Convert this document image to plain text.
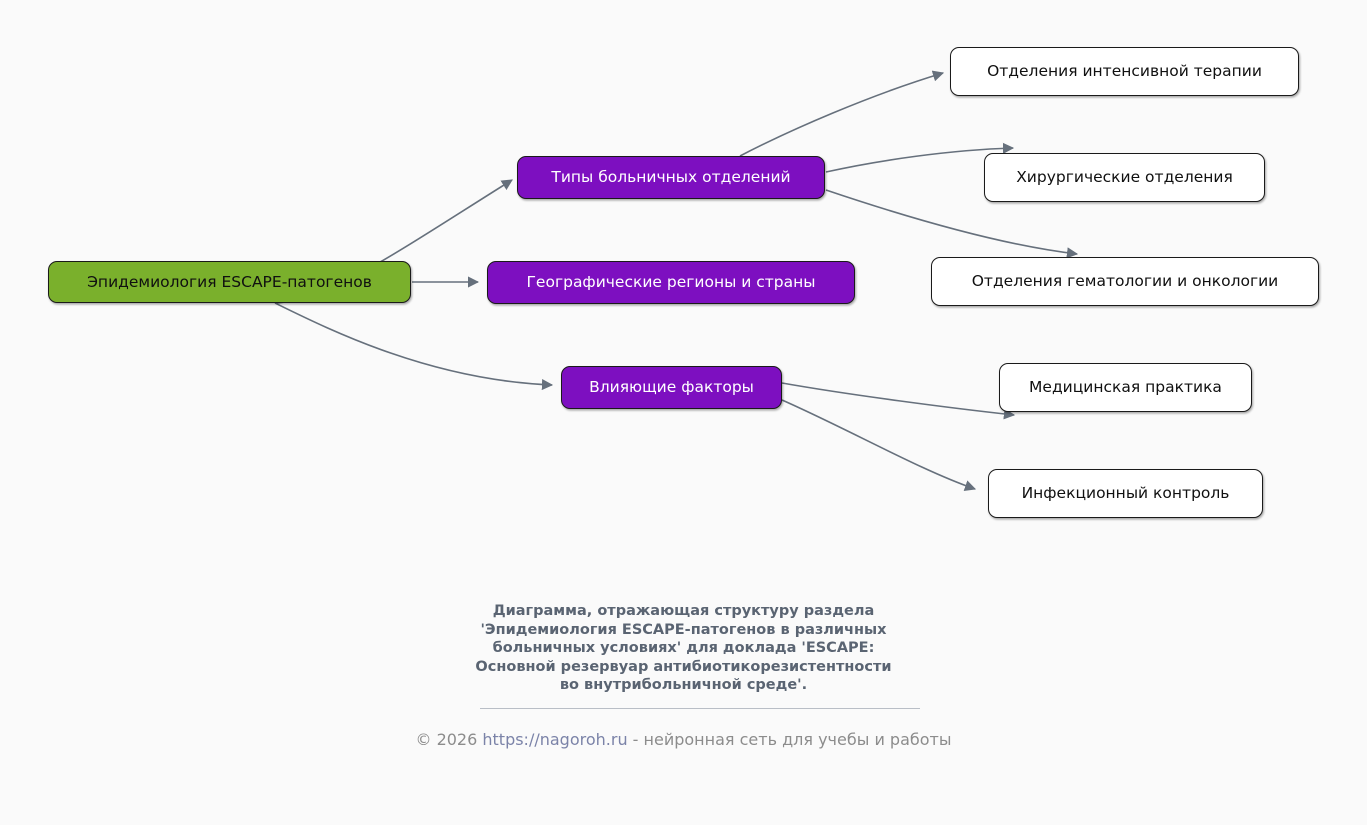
Эпидемиология ESCAPE-патогенов
Типы больничных отделений
Географические регионы и страны
Влияющие факторы
Отделения интенсивной терапии
Хирургические отделения
Отделения гематологии и онкологии
Медицинская практика
Инфекционный контроль
Диаграмма, отражающая структуру раздела
'Эпидемиология ESCAPE-патогенов в различных
больничных условиях' для доклада 'ESCAPE:
Основной резервуар антибиотикорезистентности
во внутрибольничной среде'.
© 2026 https://nagoroh.ru - нейронная сеть для учебы и работы
